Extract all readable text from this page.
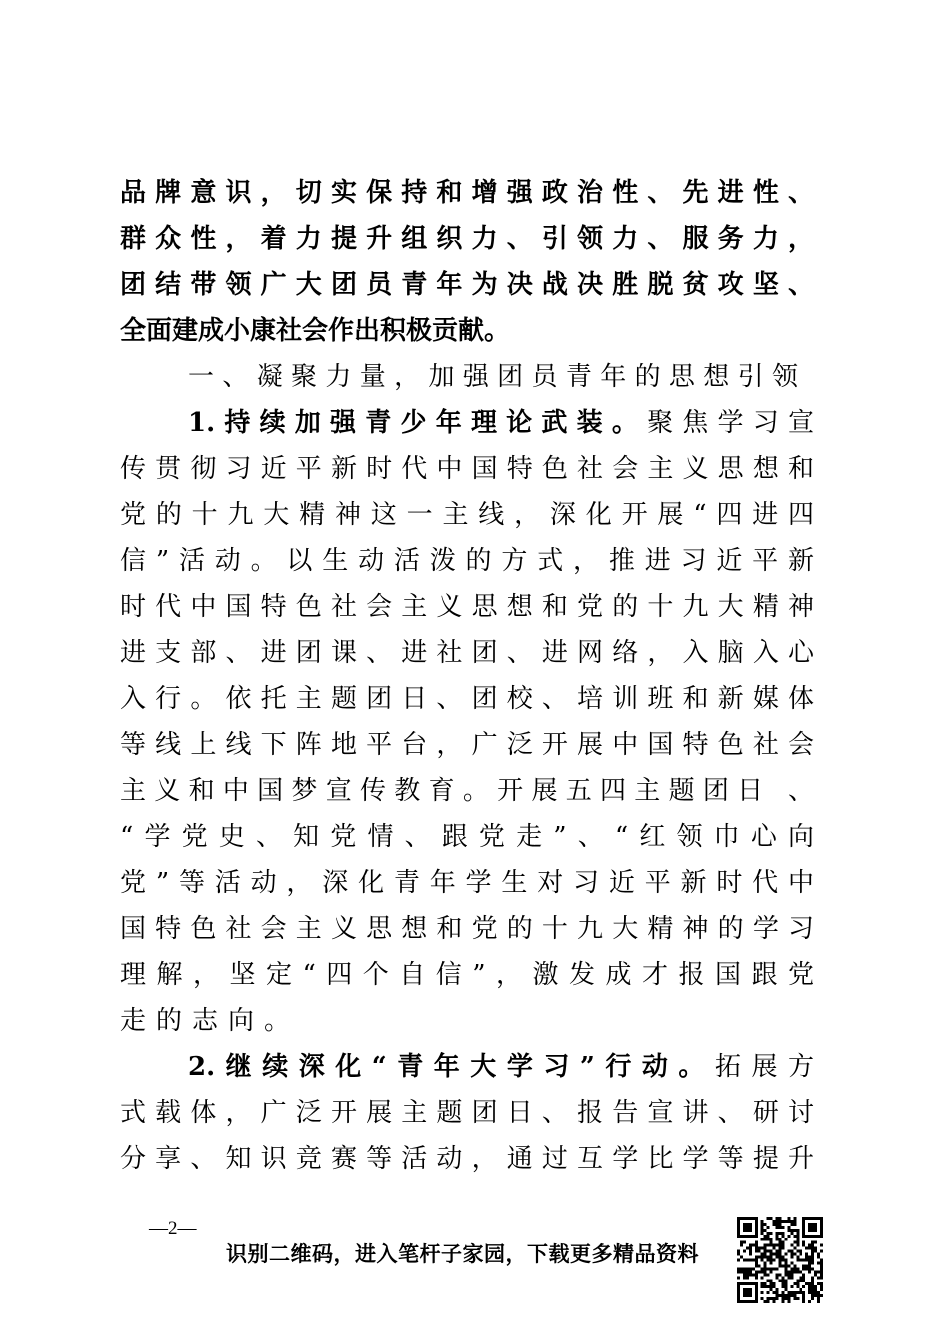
品牌意识，切实保持和增强政治性、先进性、
群众性，着力提升组织力、引领力、服务力，
团结带领广大团员青年为决战决胜脱贫攻坚、
全面建成小康社会作出积极贡献。
一、凝聚力量，加强团员青年的思想引领
1.持续加强青少年理论武装。聚焦学习宣
传贯彻习近平新时代中国特色社会主义思想和
党的十九大精神这一主线，深化开展“四进四
信”活动。以生动活泼的方式，推进习近平新
时代中国特色社会主义思想和党的十九大精神
进支部、进团课、进社团、进网络，入脑入心
入行。依托主题团日、团校、培训班和新媒体
等线上线下阵地平台，广泛开展中国特色社会
主义和中国梦宣传教育。开展五四主题团日 、
“学党史、知党情、跟党走”、“红领巾心向
党”等活动，深化青年学生对习近平新时代中
国特色社会主义思想和党的十九大精神的学习
理解，坚定“四个自信”，激发成才报国跟党
走的志向。
2.继续深化“青年大学习”行动。拓展方
式载体，广泛开展主题团日、报告宣讲、研讨
分享、知识竞赛等活动，通过互学比学等提升
—2—
识别二维码，进入笔杆子家园，下载更多精品资料
